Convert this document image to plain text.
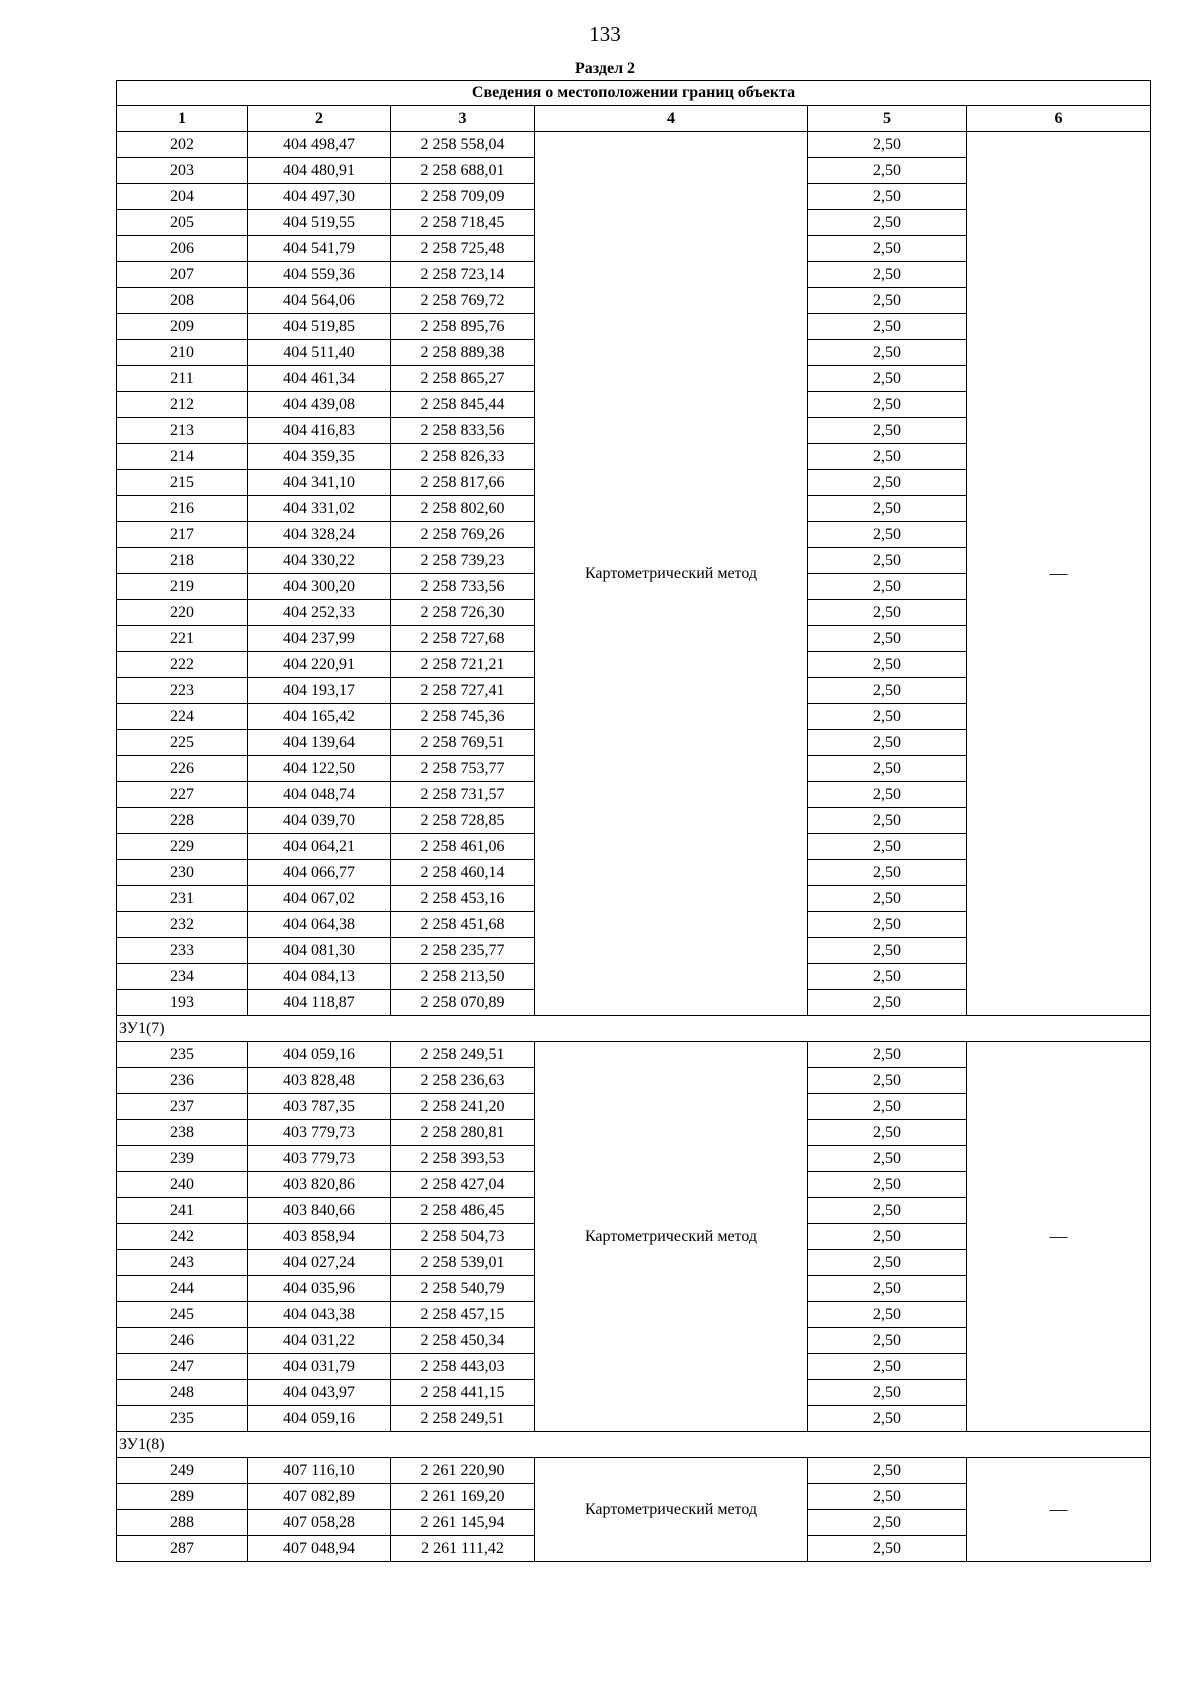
133
Раздел 2
Сведения о местоположении границ объекта					
1	2	3	4	5	6
202	404 498,47	2 258 558,04	Картометрический метод	2,50	—
203	404 480,91	2 258 688,01		2,50	
204	404 497,30	2 258 709,09		2,50	
205	404 519,55	2 258 718,45		2,50	
206	404 541,79	2 258 725,48		2,50	
207	404 559,36	2 258 723,14		2,50	
208	404 564,06	2 258 769,72		2,50	
209	404 519,85	2 258 895,76		2,50	
210	404 511,40	2 258 889,38		2,50	
211	404 461,34	2 258 865,27		2,50	
212	404 439,08	2 258 845,44		2,50	
213	404 416,83	2 258 833,56		2,50	
214	404 359,35	2 258 826,33		2,50	
215	404 341,10	2 258 817,66		2,50	
216	404 331,02	2 258 802,60		2,50	
217	404 328,24	2 258 769,26		2,50	
218	404 330,22	2 258 739,23		2,50	
219	404 300,20	2 258 733,56		2,50	
220	404 252,33	2 258 726,30		2,50	
221	404 237,99	2 258 727,68		2,50	
222	404 220,91	2 258 721,21		2,50	
223	404 193,17	2 258 727,41		2,50	
224	404 165,42	2 258 745,36		2,50	
225	404 139,64	2 258 769,51		2,50	
226	404 122,50	2 258 753,77		2,50	
227	404 048,74	2 258 731,57		2,50	
228	404 039,70	2 258 728,85		2,50	
229	404 064,21	2 258 461,06		2,50	
230	404 066,77	2 258 460,14		2,50	
231	404 067,02	2 258 453,16		2,50	
232	404 064,38	2 258 451,68		2,50	
233	404 081,30	2 258 235,77		2,50	
234	404 084,13	2 258 213,50		2,50	
193	404 118,87	2 258 070,89		2,50	
ЗУ1(7)					
235	404 059,16	2 258 249,51	Картометрический метод	2,50	—
236	403 828,48	2 258 236,63		2,50	
237	403 787,35	2 258 241,20		2,50	
238	403 779,73	2 258 280,81		2,50	
239	403 779,73	2 258 393,53		2,50	
240	403 820,86	2 258 427,04		2,50	
241	403 840,66	2 258 486,45		2,50	
242	403 858,94	2 258 504,73		2,50	
243	404 027,24	2 258 539,01		2,50	
244	404 035,96	2 258 540,79		2,50	
245	404 043,38	2 258 457,15		2,50	
246	404 031,22	2 258 450,34		2,50	
247	404 031,79	2 258 443,03		2,50	
248	404 043,97	2 258 441,15		2,50	
235	404 059,16	2 258 249,51		2,50	
ЗУ1(8)					
249	407 116,10	2 261 220,90	Картометрический метод	2,50	—
289	407 082,89	2 261 169,20		2,50	
288	407 058,28	2 261 145,94		2,50	
287	407 048,94	2 261 111,42		2,50	
